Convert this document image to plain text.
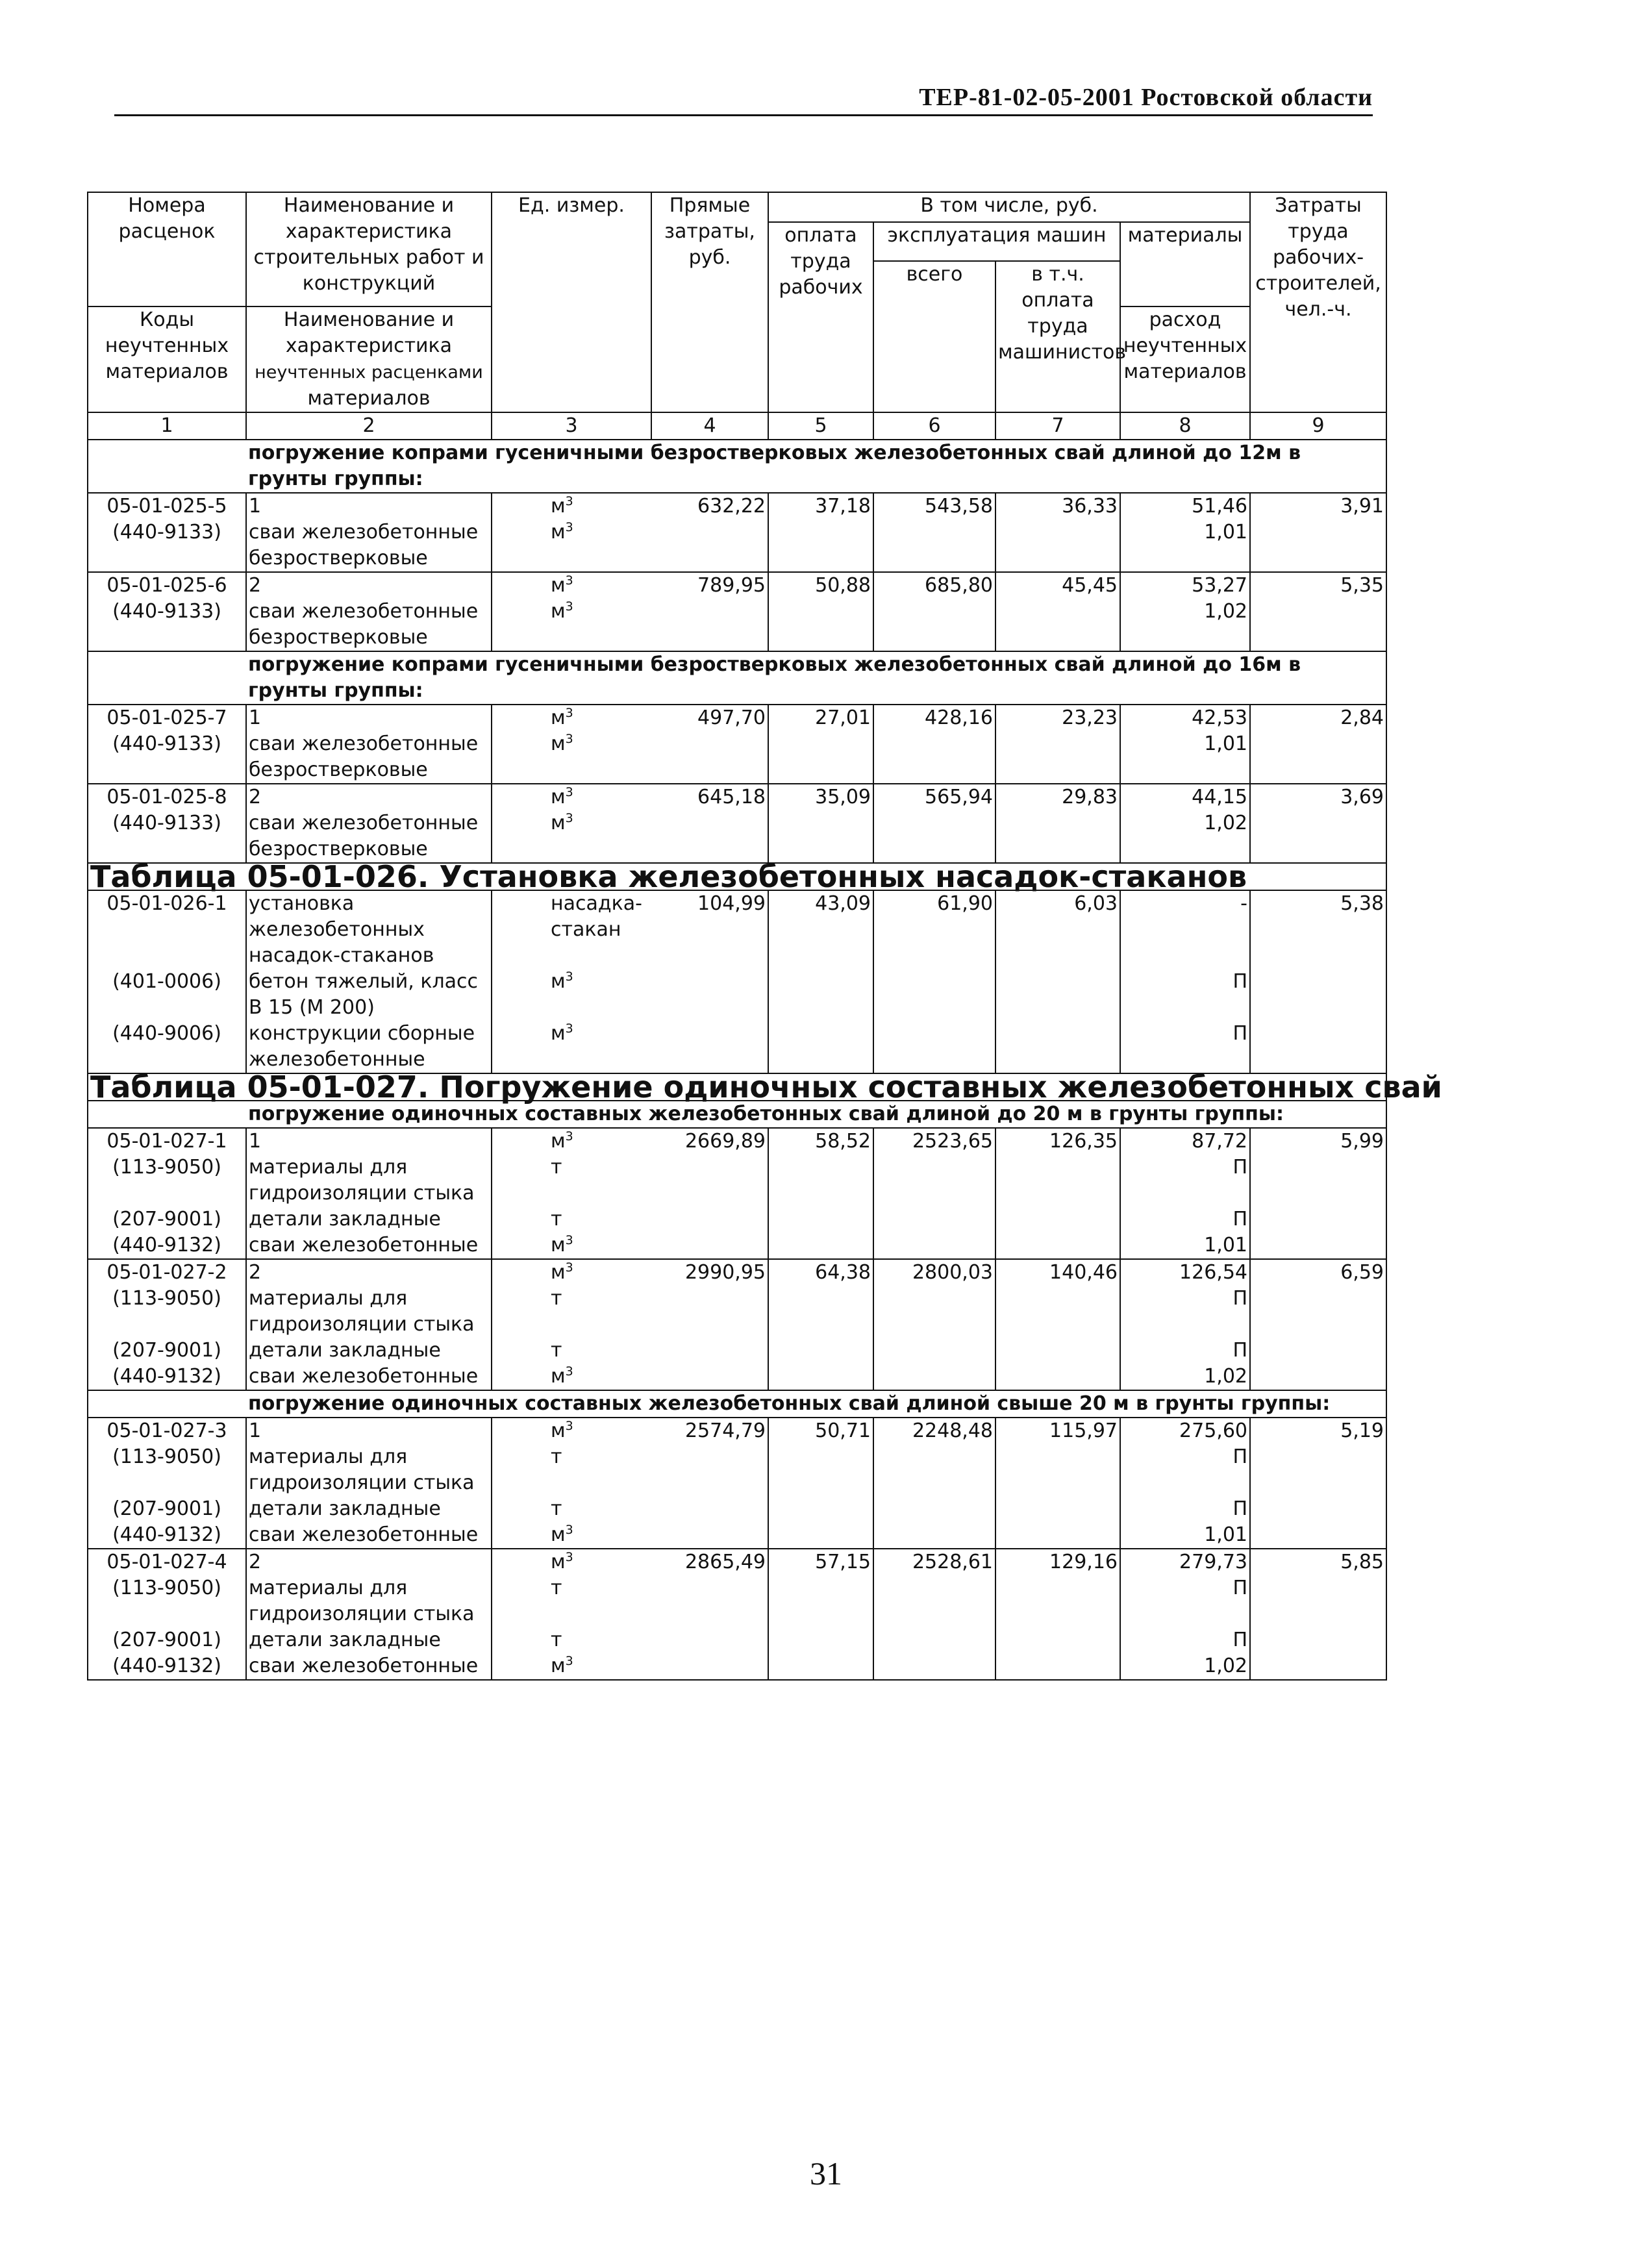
ТЕР-81-02-05-2001 Ростовской области
Номера расценок	Наименование и характеристика строительных работ и конструкций	Ед. измер.	Прямые затраты, руб.	В том числе, руб.				Затраты труда рабочих-строителей, чел.-ч.
				оплата труда рабочих	эксплуатация машин		материалы	
					всего	в т.ч. оплата труда машинистов		
Коды неучтенных материалов	Наименование и характеристика
неучтенных расценками
материалов						расход неучтенных материалов	

1	2	3	4	5	6	7	8	9
	погружение копрами гусеничными безростверковых железобетонных свай длиной до 12м в грунты группы:							
05-01-025-5	1	$м^3$	632,22	37,18	543,58	36,33	51,46	3,91
(440-9133)	сваи железобетонные безростверковые	$м^3$					1,01	
05-01-025-6	2	$м^3$	789,95	50,88	685,80	45,45	53,27	5,35
(440-9133)	сваи железобетонные безростверковые	$м^3$					1,02	
	погружение копрами гусеничными безростверковых железобетонных свай длиной до 16м в грунты группы:							
05-01-025-7	1	$м^3$	497,70	27,01	428,16	23,23	42,53	2,84
(440-9133)	сваи железобетонные безростверковые	$м^3$					1,01	
05-01-025-8	2	$м^3$	645,18	35,09	565,94	29,83	44,15	3,69
(440-9133)	сваи железобетонные безростверковые	$м^3$					1,02	
Таблица 05-01-026. Установка железобетонных насадок-стаканов								
05-01-026-1	установка железобетонных насадок-стаканов	насадка-стакан	104,99	43,09	61,90	6,03	-	5,38
(401-0006)	бетон тяжелый, класс В 15 (М 200)	$м^3$					П	
(440-9006)	конструкции сборные железобетонные	$м^3$					П	
Таблица 05-01-027. Погружение одиночных составных железобетонных свай								
	погружение одиночных составных железобетонных свай длиной до 20 м в грунты группы:							
05-01-027-1	1	$м^3$	2669,89	58,52	2523,65	126,35	87,72	5,99
(113-9050)	материалы для гидроизоляции стыка	т					П	
(207-9001)	детали закладные	т					П	
(440-9132)	сваи железобетонные	$м^3$					1,01	
05-01-027-2	2	$м^3$	2990,95	64,38	2800,03	140,46	126,54	6,59
(113-9050)	материалы для гидроизоляции стыка	т					П	
(207-9001)	детали закладные	т					П	
(440-9132)	сваи железобетонные	$м^3$					1,02	
	погружение одиночных составных железобетонных свай длиной свыше 20 м в грунты группы:							
05-01-027-3	1	$м^3$	2574,79	50,71	2248,48	115,97	275,60	5,19
(113-9050)	материалы для гидроизоляции стыка	т					П	
(207-9001)	детали закладные	т					П	
(440-9132)	сваи железобетонные	$м^3$					1,01	
05-01-027-4	2	$м^3$	2865,49	57,15	2528,61	129,16	279,73	5,85
(113-9050)	материалы для гидроизоляции стыка	т					П	
(207-9001)	детали закладные	т					П	
(440-9132)	сваи железобетонные	$м^3$					1,02	
31
